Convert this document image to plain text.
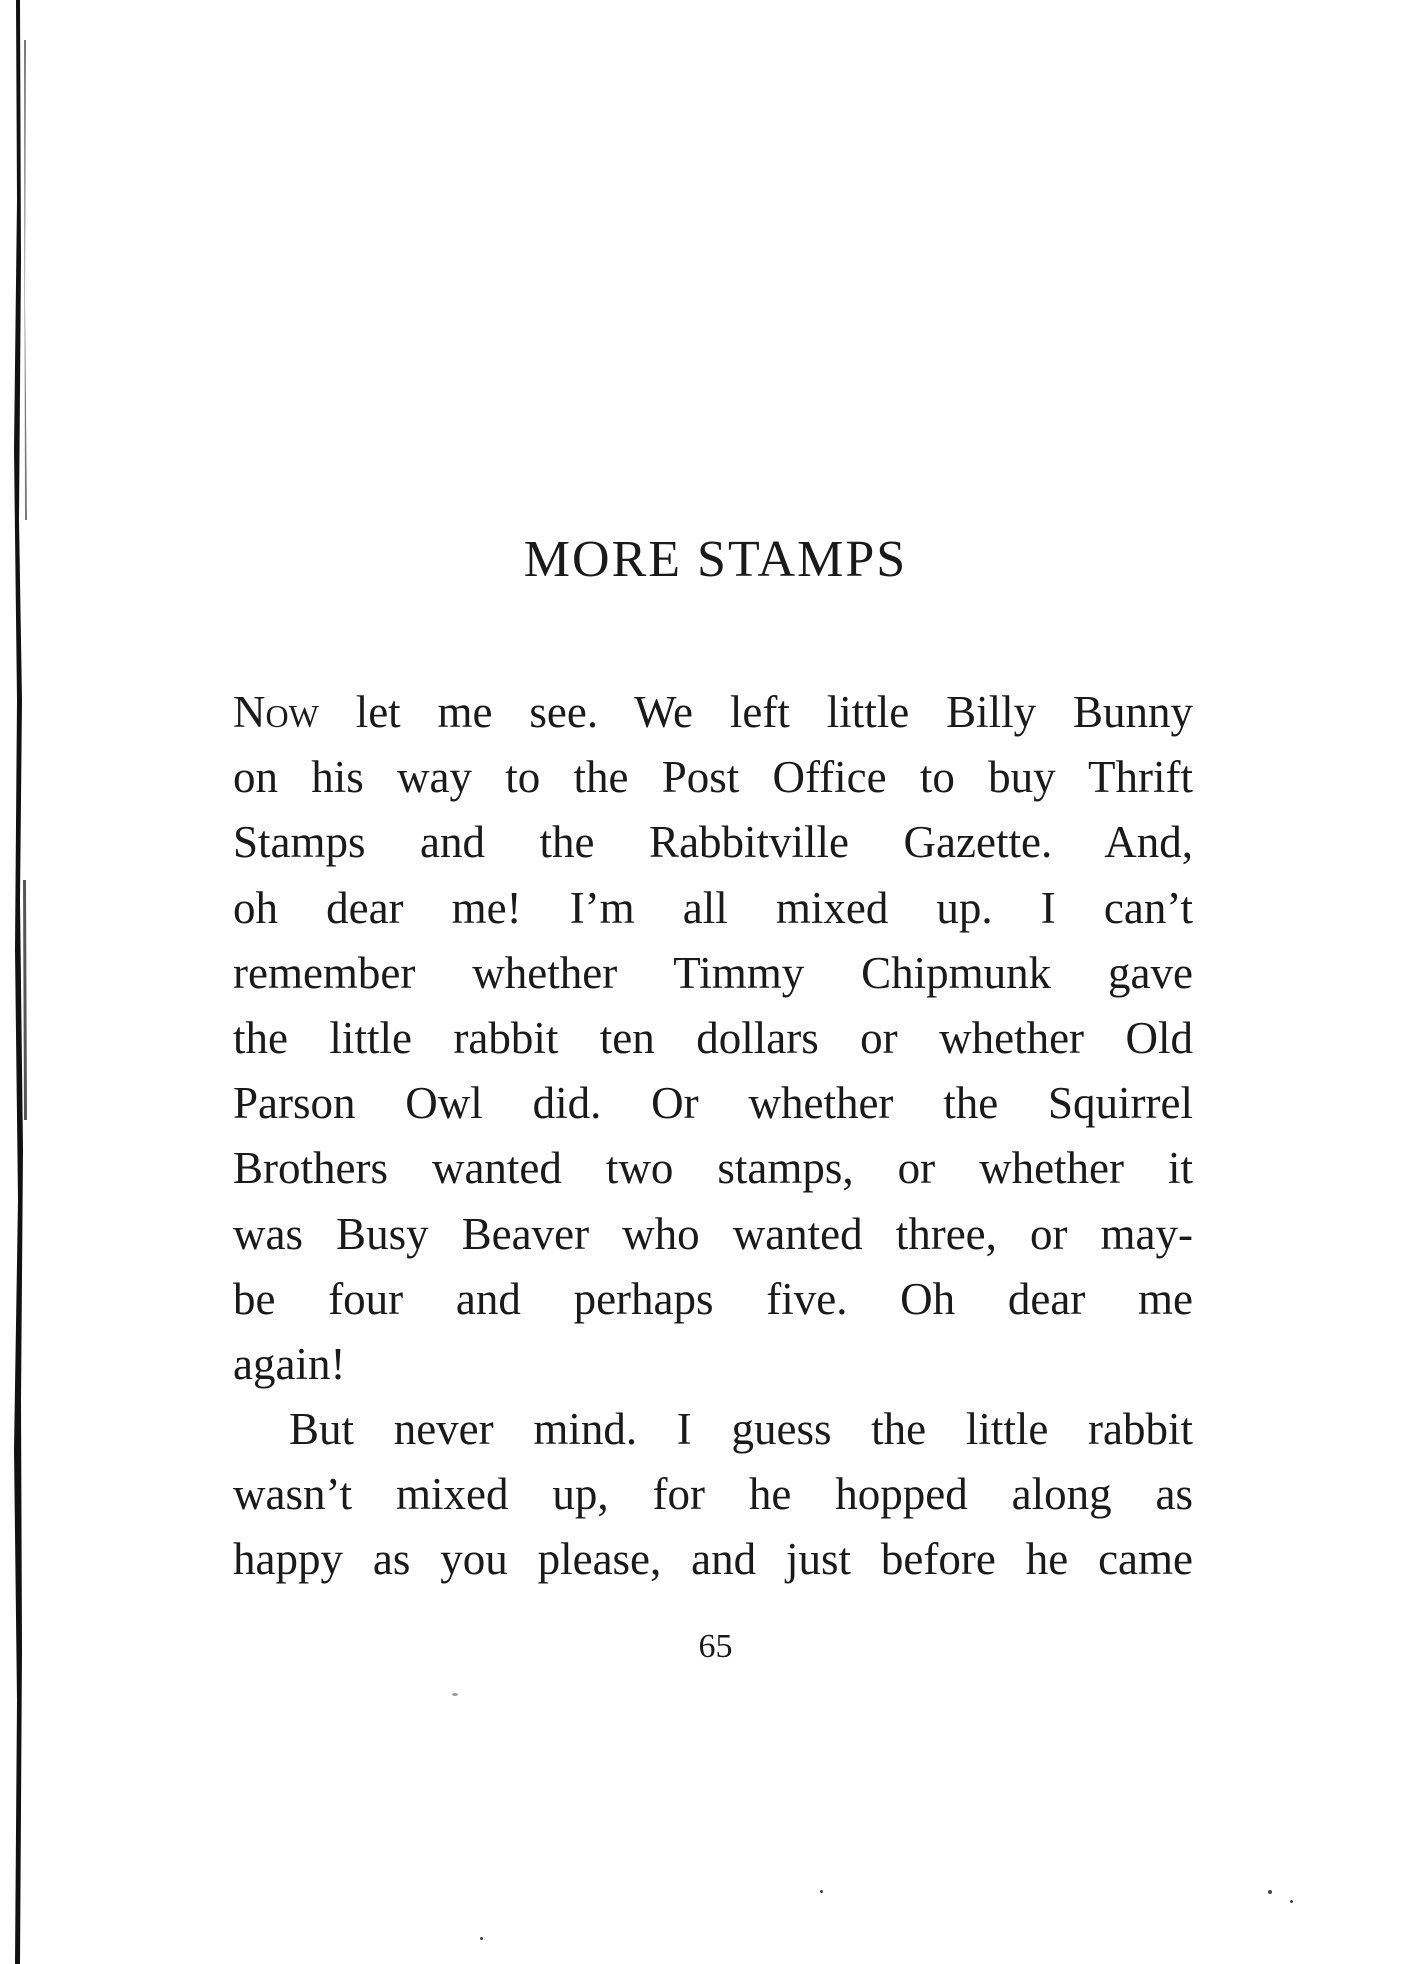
MORE STAMPS
Now let me see. We left little Billy Bunny
on his way to the Post Office to buy Thrift
Stamps and the Rabbitville Gazette. And,
oh dear me! I’m all mixed up. I can’t
remember whether Timmy Chipmunk gave
the little rabbit ten dollars or whether Old
Parson Owl did. Or whether the Squirrel
Brothers wanted two stamps, or whether it
was Busy Beaver who wanted three, or may-
be four and perhaps five. Oh dear me
again!
But never mind. I guess the little rabbit
wasn’t mixed up, for he hopped along as
happy as you please, and just before he came
65
